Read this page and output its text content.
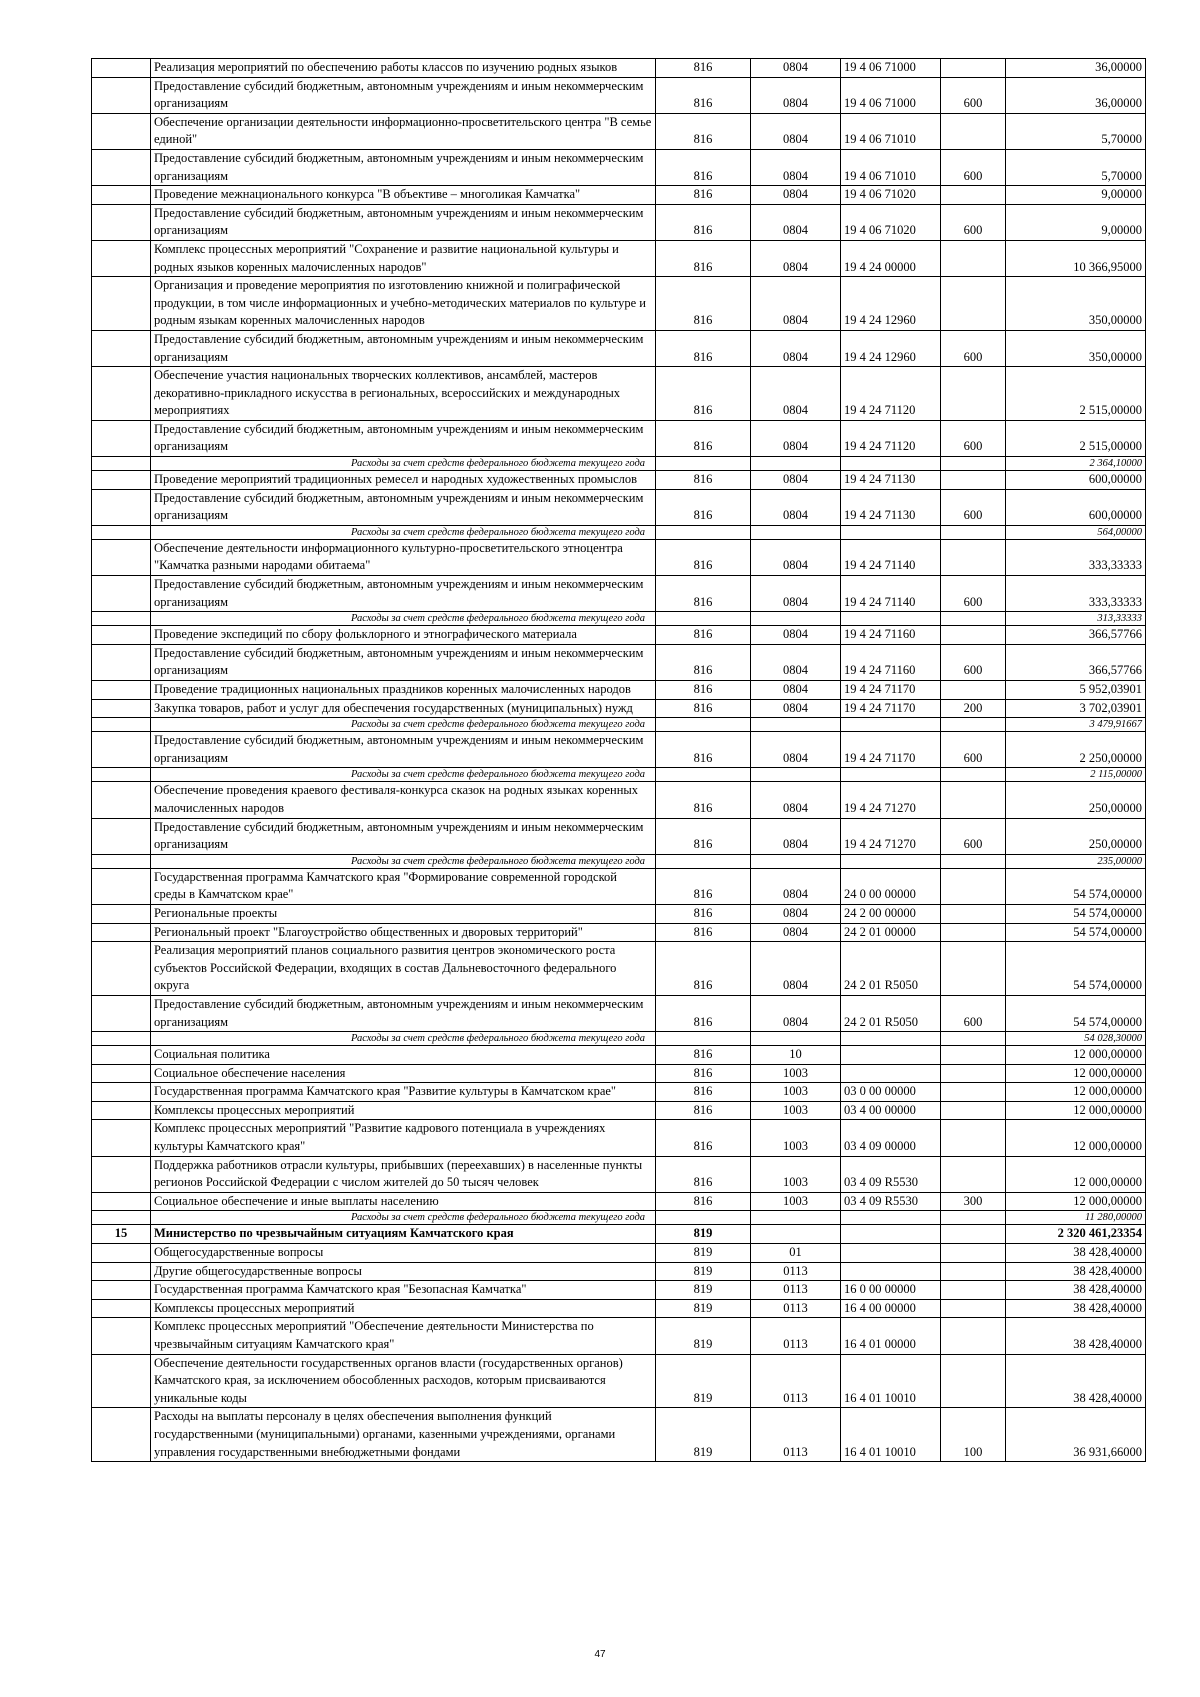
	Реализация мероприятий по обеспечению работы классов по изучению родных языков	816	0804	19 4 06 71000		36,00000
	Предоставление субсидий бюджетным, автономным учреждениям и иным некоммерческим организациям	816	0804	19 4 06 71000	600	36,00000
	Обеспечение организации деятельности информационно-просветительского центра "В семье единой"	816	0804	19 4 06 71010		5,70000
	Предоставление субсидий бюджетным, автономным учреждениям и иным некоммерческим организациям	816	0804	19 4 06 71010	600	5,70000
	Проведение межнационального конкурса "В объективе – многоликая Камчатка"	816	0804	19 4 06 71020		9,00000
	Предоставление субсидий бюджетным, автономным учреждениям и иным некоммерческим организациям	816	0804	19 4 06 71020	600	9,00000
	Комплекс процессных мероприятий "Сохранение и развитие национальной культуры и родных языков коренных малочисленных народов"	816	0804	19 4 24 00000		10 366,95000
	Организация и проведение мероприятия по изготовлению книжной и полиграфической продукции, в том числе информационных и учебно-методических материалов по культуре и родным языкам коренных малочисленных народов	816	0804	19 4 24 12960		350,00000
	Предоставление субсидий бюджетным, автономным учреждениям и иным некоммерческим организациям	816	0804	19 4 24 12960	600	350,00000
	Обеспечение участия национальных творческих коллективов, ансамблей, мастеров декоративно-прикладного искусства в региональных, всероссийских и международных мероприятиях	816	0804	19 4 24 71120		2 515,00000
	Предоставление субсидий бюджетным, автономным учреждениям и иным некоммерческим организациям	816	0804	19 4 24 71120	600	2 515,00000
	Расходы за счет средств федерального бюджета текущего года					2 364,10000
	Проведение мероприятий традиционных ремесел и народных художественных промыслов	816	0804	19 4 24 71130		600,00000
	Предоставление субсидий бюджетным, автономным учреждениям и иным некоммерческим организациям	816	0804	19 4 24 71130	600	600,00000
	Расходы за счет средств федерального бюджета текущего года					564,00000
	Обеспечение деятельности информационного культурно-просветительского этноцентра "Камчатка разными народами обитаема"	816	0804	19 4 24 71140		333,33333
	Предоставление субсидий бюджетным, автономным учреждениям и иным некоммерческим организациям	816	0804	19 4 24 71140	600	333,33333
	Расходы за счет средств федерального бюджета текущего года					313,33333
	Проведение экспедиций по сбору фольклорного и этнографического материала	816	0804	19 4 24 71160		366,57766
	Предоставление субсидий бюджетным, автономным учреждениям и иным некоммерческим организациям	816	0804	19 4 24 71160	600	366,57766
	Проведение традиционных национальных праздников коренных малочисленных народов	816	0804	19 4 24 71170		5 952,03901
	Закупка товаров, работ и услуг для обеспечения государственных (муниципальных) нужд	816	0804	19 4 24 71170	200	3 702,03901
	Расходы за счет средств федерального бюджета текущего года					3 479,91667
	Предоставление субсидий бюджетным, автономным учреждениям и иным некоммерческим организациям	816	0804	19 4 24 71170	600	2 250,00000
	Расходы за счет средств федерального бюджета текущего года					2 115,00000
	Обеспечение проведения краевого фестиваля-конкурса сказок на родных языках коренных малочисленных народов	816	0804	19 4 24 71270		250,00000
	Предоставление субсидий бюджетным, автономным учреждениям и иным некоммерческим организациям	816	0804	19 4 24 71270	600	250,00000
	Расходы за счет средств федерального бюджета текущего года					235,00000
	Государственная программа Камчатского края "Формирование современной городской среды в Камчатском крае"	816	0804	24 0 00 00000		54 574,00000
	Региональные проекты	816	0804	24 2 00 00000		54 574,00000
	Региональный проект "Благоустройство общественных и дворовых территорий"	816	0804	24 2 01 00000		54 574,00000
	Реализация мероприятий планов социального развития центров экономического роста субъектов Российской Федерации, входящих в состав Дальневосточного федерального округа	816	0804	24 2 01 R5050		54 574,00000
	Предоставление субсидий бюджетным, автономным учреждениям и иным некоммерческим организациям	816	0804	24 2 01 R5050	600	54 574,00000
	Расходы за счет средств федерального бюджета текущего года					54 028,30000
	Социальная политика	816	10			12 000,00000
	Социальное обеспечение населения	816	1003			12 000,00000
	Государственная программа Камчатского края "Развитие культуры в Камчатском крае"	816	1003	03 0 00 00000		12 000,00000
	Комплексы процессных мероприятий	816	1003	03 4 00 00000		12 000,00000
	Комплекс процессных мероприятий "Развитие кадрового потенциала в учреждениях культуры Камчатского края"	816	1003	03 4 09 00000		12 000,00000
	Поддержка работников отрасли культуры, прибывших (переехавших) в населенные пункты регионов Российской Федерации с числом жителей до 50 тысяч человек	816	1003	03 4 09 R5530		12 000,00000
	Социальное обеспечение и иные выплаты населению	816	1003	03 4 09 R5530	300	12 000,00000
	Расходы за счет средств федерального бюджета текущего года					11 280,00000
15	Министерство по чрезвычайным ситуациям Камчатского края	819				2 320 461,23354
	Общегосударственные вопросы	819	01			38 428,40000
	Другие общегосударственные вопросы	819	0113			38 428,40000
	Государственная программа Камчатского края "Безопасная Камчатка"	819	0113	16 0 00 00000		38 428,40000
	Комплексы процессных мероприятий	819	0113	16 4 00 00000		38 428,40000
	Комплекс процессных мероприятий "Обеспечение деятельности Министерства по чрезвычайным ситуациям Камчатского края"	819	0113	16 4 01 00000		38 428,40000
	Обеспечение деятельности государственных органов власти (государственных органов) Камчатского края, за исключением обособленных расходов, которым присваиваются уникальные коды	819	0113	16 4 01 10010		38 428,40000
	Расходы на выплаты персоналу в целях обеспечения выполнения функций государственными (муниципальными) органами, казенными учреждениями, органами управления государственными внебюджетными фондами	819	0113	16 4 01 10010	100	36 931,66000
47
